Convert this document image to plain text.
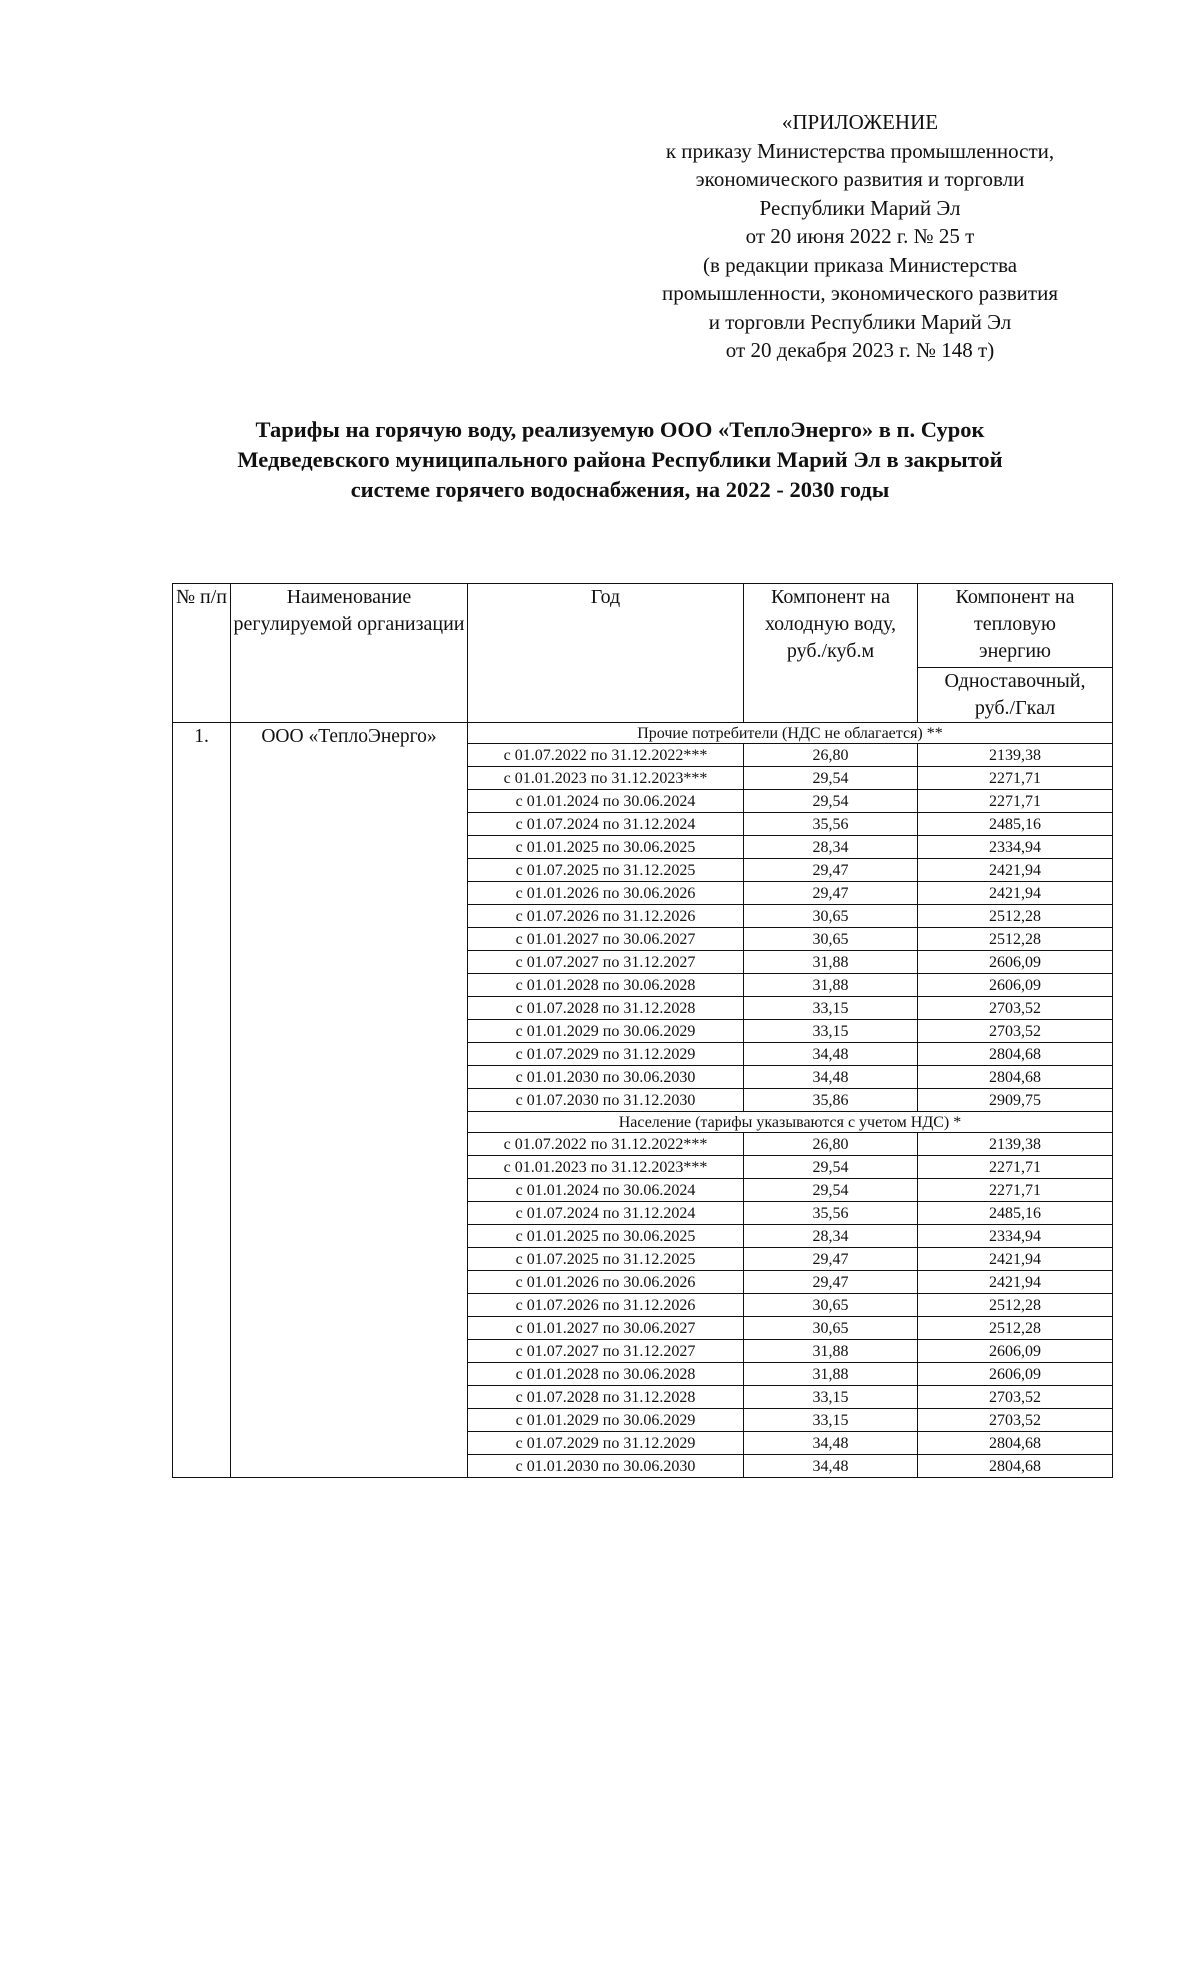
«ПРИЛОЖЕНИЕ
к приказу Министерства промышленности,
экономического развития и торговли
Республики Марий Эл
от 20 июня 2022 г. № 25 т
(в редакции приказа Министерства
промышленности, экономического развития
и торговли Республики Марий Эл
от 20 декабря 2023 г. № 148 т)
Тарифы на горячую воду, реализуемую ООО «ТеплоЭнерго» в п. Сурок
Медведевского муниципального района Республики Марий Эл в закрытой
системе горячего водоснабжения, на 2022 - 2030 годы
№ п/п	Наименование регулируемой организации	Год	Компонент на холодную воду, руб./куб.м	Компонент на тепловую энергию
				Одноставочный, руб./Гкал
1.	ООО «ТеплоЭнерго»	Прочие потребители (НДС не облагается) **		
		с 01.07.2022 по 31.12.2022***	26,80	2139,38
		с 01.01.2023 по 31.12.2023***	29,54	2271,71
		с 01.01.2024 по 30.06.2024	29,54	2271,71
		с 01.07.2024 по 31.12.2024	35,56	2485,16
		с 01.01.2025 по 30.06.2025	28,34	2334,94
		с 01.07.2025 по 31.12.2025	29,47	2421,94
		с 01.01.2026 по 30.06.2026	29,47	2421,94
		с 01.07.2026 по 31.12.2026	30,65	2512,28
		с 01.01.2027 по 30.06.2027	30,65	2512,28
		с 01.07.2027 по 31.12.2027	31,88	2606,09
		с 01.01.2028 по 30.06.2028	31,88	2606,09
		с 01.07.2028 по 31.12.2028	33,15	2703,52
		с 01.01.2029 по 30.06.2029	33,15	2703,52
		с 01.07.2029 по 31.12.2029	34,48	2804,68
		с 01.01.2030 по 30.06.2030	34,48	2804,68
		с 01.07.2030 по 31.12.2030	35,86	2909,75
		Население (тарифы указываются с учетом НДС) *		
		с 01.07.2022 по 31.12.2022***	26,80	2139,38
		с 01.01.2023 по 31.12.2023***	29,54	2271,71
		с 01.01.2024 по 30.06.2024	29,54	2271,71
		с 01.07.2024 по 31.12.2024	35,56	2485,16
		с 01.01.2025 по 30.06.2025	28,34	2334,94
		с 01.07.2025 по 31.12.2025	29,47	2421,94
		с 01.01.2026 по 30.06.2026	29,47	2421,94
		с 01.07.2026 по 31.12.2026	30,65	2512,28
		с 01.01.2027 по 30.06.2027	30,65	2512,28
		с 01.07.2027 по 31.12.2027	31,88	2606,09
		с 01.01.2028 по 30.06.2028	31,88	2606,09
		с 01.07.2028 по 31.12.2028	33,15	2703,52
		с 01.01.2029 по 30.06.2029	33,15	2703,52
		с 01.07.2029 по 31.12.2029	34,48	2804,68
		с 01.01.2030 по 30.06.2030	34,48	2804,68
